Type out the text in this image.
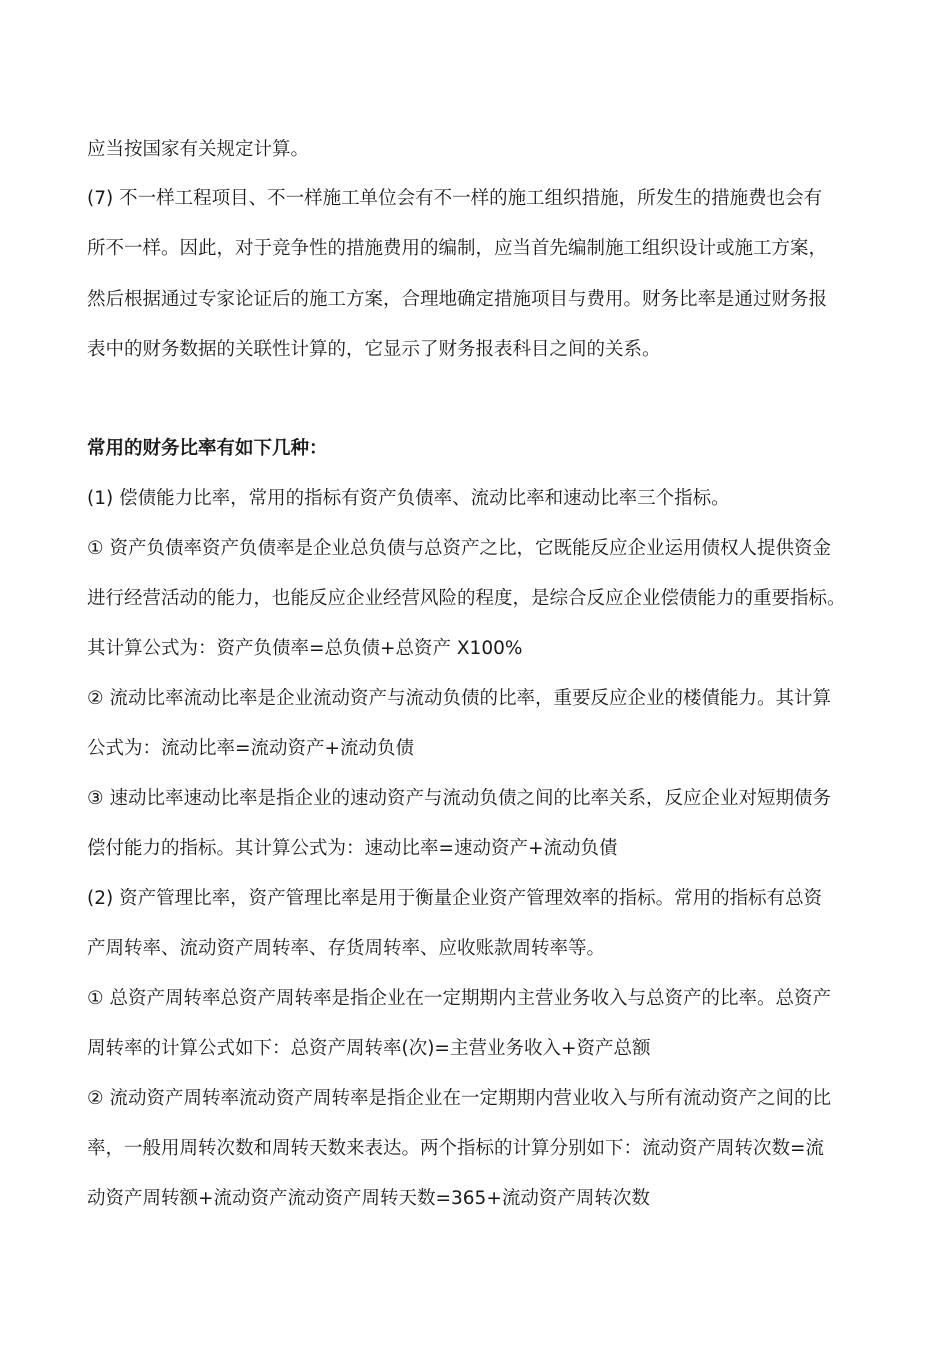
应当按国家有关规定计算。
(7) 不一样工程项目、不一样施工单位会有不一样的施工组织措施，所发生的措施费也会有
所不一样。因此，对于竞争性的措施费用的编制，应当首先编制施工组织设计或施工方案，
然后根据通过专家论证后的施工方案，合理地确定措施项目与费用。财务比率是通过财务报
表中的财务数据的关联性计算的，它显示了财务报表科目之间的关系。
常用的财务比率有如下几种：
(1) 偿债能力比率，常用的指标有资产负债率、流动比率和速动比率三个指标。
① 资产负债率资产负债率是企业总负债与总资产之比，它既能反应企业运用债权人提供资金
进行经营活动的能力，也能反应企业经营风险的程度，是综合反应企业偿债能力的重要指标。
其计算公式为：资产负债率=总负债+总资产 X100%
② 流动比率流动比率是企业流动资产与流动负债的比率，重要反应企业的楼債能力。其计算
公式为：流动比率=流动资产+流动负债
③ 速动比率速动比率是指企业的速动资产与流动负债之间的比率关系，反应企业对短期债务
偿付能力的指标。其计算公式为：速动比率=速动资产+流动负債
(2) 资产管理比率，资产管理比率是用于衡量企业资产管理效率的指标。常用的指标有总资
产周转率、流动资产周转率、存货周转率、应收账款周转率等。
① 总资产周转率总资产周转率是指企业在一定期期内主营业务收入与总资产的比率。总资产
周转率的计算公式如下：总资产周转率(次)=主营业务收入+资产总额
② 流动资产周转率流动资产周转率是指企业在一定期期内营业收入与所有流动资产之间的比
率，一般用周转次数和周转天数来表达。两个指标的计算分别如下：流动资产周转次数=流
动资产周转额+流动资产流动资产周转天数=365+流动资产周转次数
